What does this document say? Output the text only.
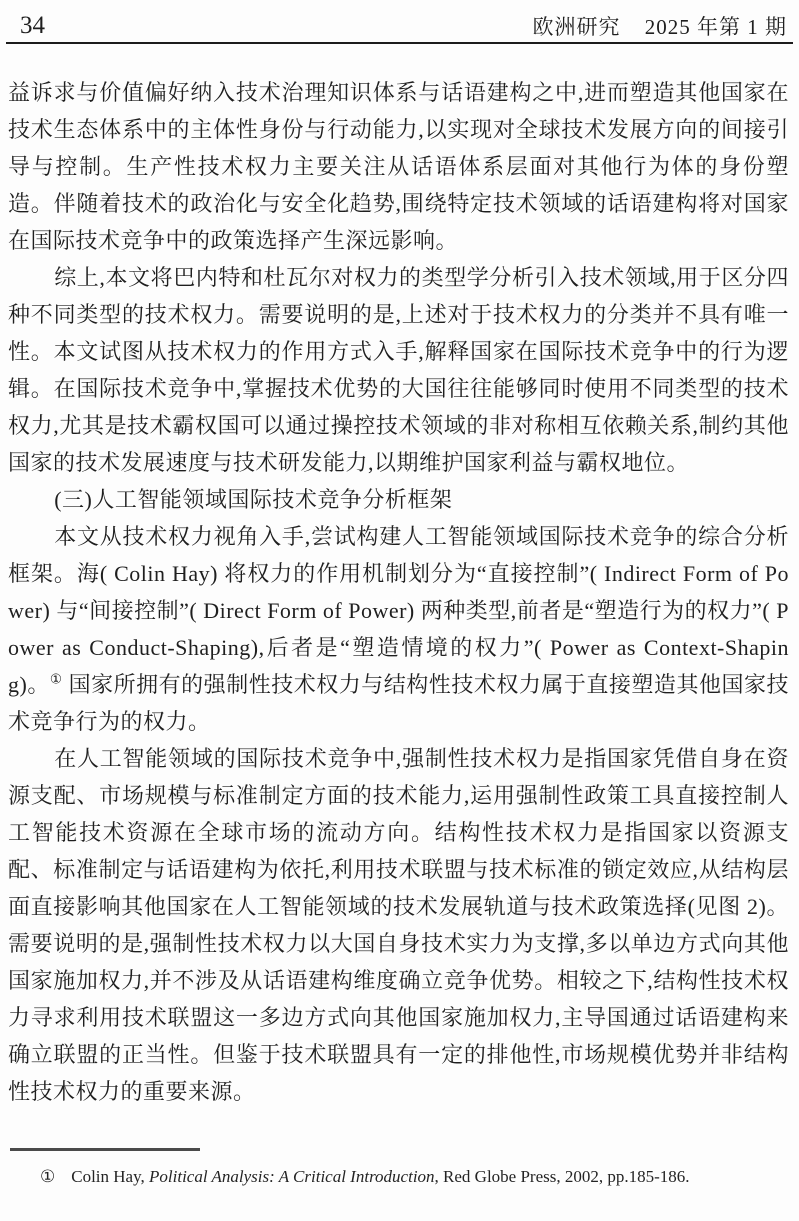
34	欧洲研究 2025 年第 1 期

益诉求与价值偏好纳入技术治理知识体系与话语建构之中,进而塑造其他国家在技术生态体系中的主体性身份与行动能力,以实现对全球技术发展方向的间接引导与控制。生产性技术权力主要关注从话语体系层面对其他行为体的身份塑造。伴随着技术的政治化与安全化趋势,围绕特定技术领域的话语建构将对国家在国际技术竞争中的政策选择产生深远影响。

综上,本文将巴内特和杜瓦尔对权力的类型学分析引入技术领域,用于区分四种不同类型的技术权力。需要说明的是,上述对于技术权力的分类并不具有唯一性。本文试图从技术权力的作用方式入手,解释国家在国际技术竞争中的行为逻辑。在国际技术竞争中,掌握技术优势的大国往往能够同时使用不同类型的技术权力,尤其是技术霸权国可以通过操控技术领域的非对称相互依赖关系,制约其他国家的技术发展速度与技术研发能力,以期维护国家利益与霸权地位。

(三)人工智能领域国际技术竞争分析框架

本文从技术权力视角入手,尝试构建人工智能领域国际技术竞争的综合分析框架。海( Colin Hay) 将权力的作用机制划分为“直接控制”( Indirect Form of Power) 与“间接控制”( Direct Form of Power) 两种类型,前者是“塑造行为的权力”( Power as Conduct-Shaping),后者是“塑造情境的权力”( Power as Context-Shaping)。① 国家所拥有的强制性技术权力与结构性技术权力属于直接塑造其他国家技术竞争行为的权力。

在人工智能领域的国际技术竞争中,强制性技术权力是指国家凭借自身在资源支配、市场规模与标准制定方面的技术能力,运用强制性政策工具直接控制人工智能技术资源在全球市场的流动方向。结构性技术权力是指国家以资源支配、标准制定与话语建构为依托,利用技术联盟与技术标准的锁定效应,从结构层面直接影响其他国家在人工智能领域的技术发展轨道与技术政策选择(见图 2)。需要说明的是,强制性技术权力以大国自身技术实力为支撑,多以单边方式向其他国家施加权力,并不涉及从话语建构维度确立竞争优势。相较之下,结构性技术权力寻求利用技术联盟这一多边方式向其他国家施加权力,主导国通过话语建构来确立联盟的正当性。但鉴于技术联盟具有一定的排他性,市场规模优势并非结构性技术权力的重要来源。

① Colin Hay, Political Analysis: A Critical Introduction, Red Globe Press, 2002, pp.185-186.
